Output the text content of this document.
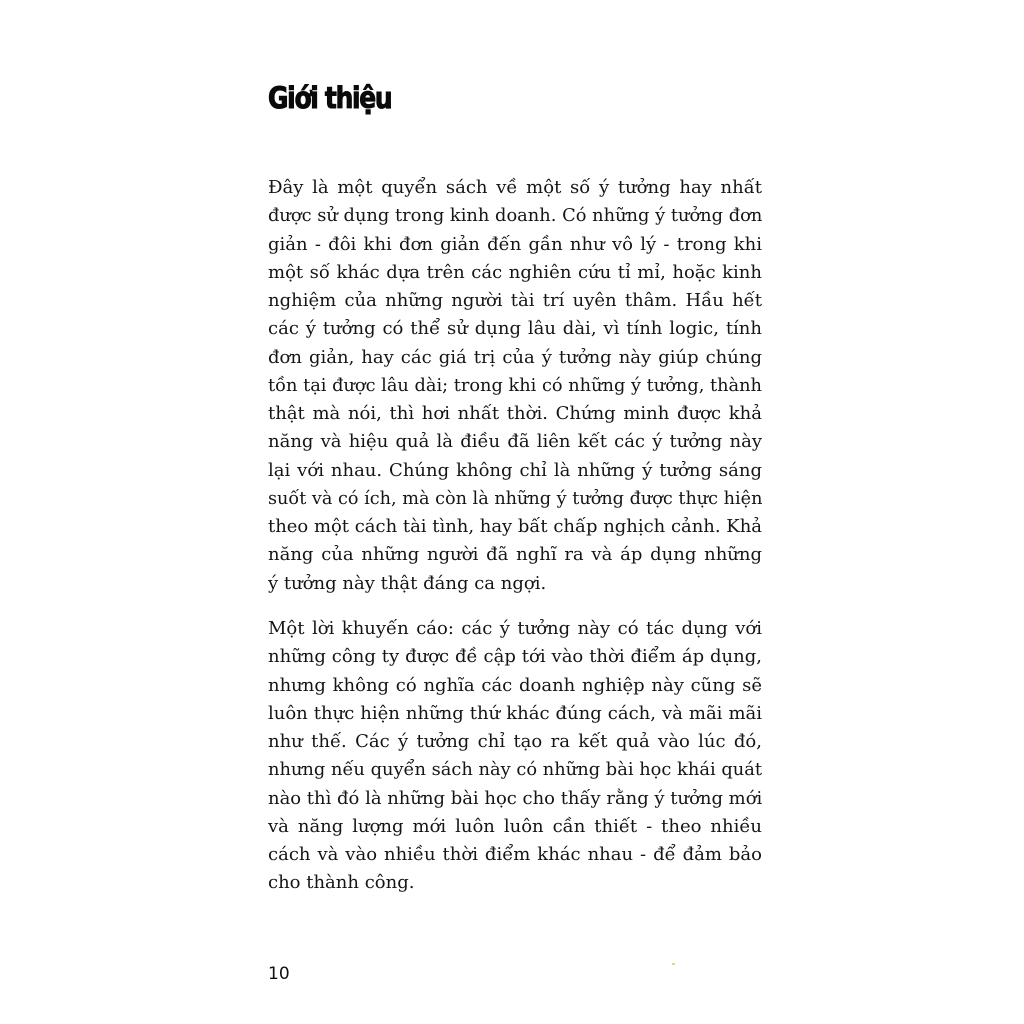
Giới thiệu

Đây là một quyển sách về một số ý tưởng hay nhất
được sử dụng trong kinh doanh. Có những ý tưởng đơn
giản - đôi khi đơn giản đến gần như vô lý - trong khi
một số khác dựa trên các nghiên cứu tỉ mỉ, hoặc kinh
nghiệm của những người tài trí uyên thâm. Hầu hết
các ý tưởng có thể sử dụng lâu dài, vì tính logic, tính
đơn giản, hay các giá trị của ý tưởng này giúp chúng
tồn tại được lâu dài; trong khi có những ý tưởng, thành
thật mà nói, thì hơi nhất thời. Chứng minh được khả
năng và hiệu quả là điều đã liên kết các ý tưởng này
lại với nhau. Chúng không chỉ là những ý tưởng sáng
suốt và có ích, mà còn là những ý tưởng được thực hiện
theo một cách tài tình, hay bất chấp nghịch cảnh. Khả
năng của những người đã nghĩ ra và áp dụng những
ý tưởng này thật đáng ca ngợi.

Một lời khuyến cáo: các ý tưởng này có tác dụng với
những công ty được đề cập tới vào thời điểm áp dụng,
nhưng không có nghĩa các doanh nghiệp này cũng sẽ
luôn thực hiện những thứ khác đúng cách, và mãi mãi
như thế. Các ý tưởng chỉ tạo ra kết quả vào lúc đó,
nhưng nếu quyển sách này có những bài học khái quát
nào thì đó là những bài học cho thấy rằng ý tưởng mới
và năng lượng mới luôn luôn cần thiết - theo nhiều
cách và vào nhiều thời điểm khác nhau - để đảm bảo
cho thành công.

10
